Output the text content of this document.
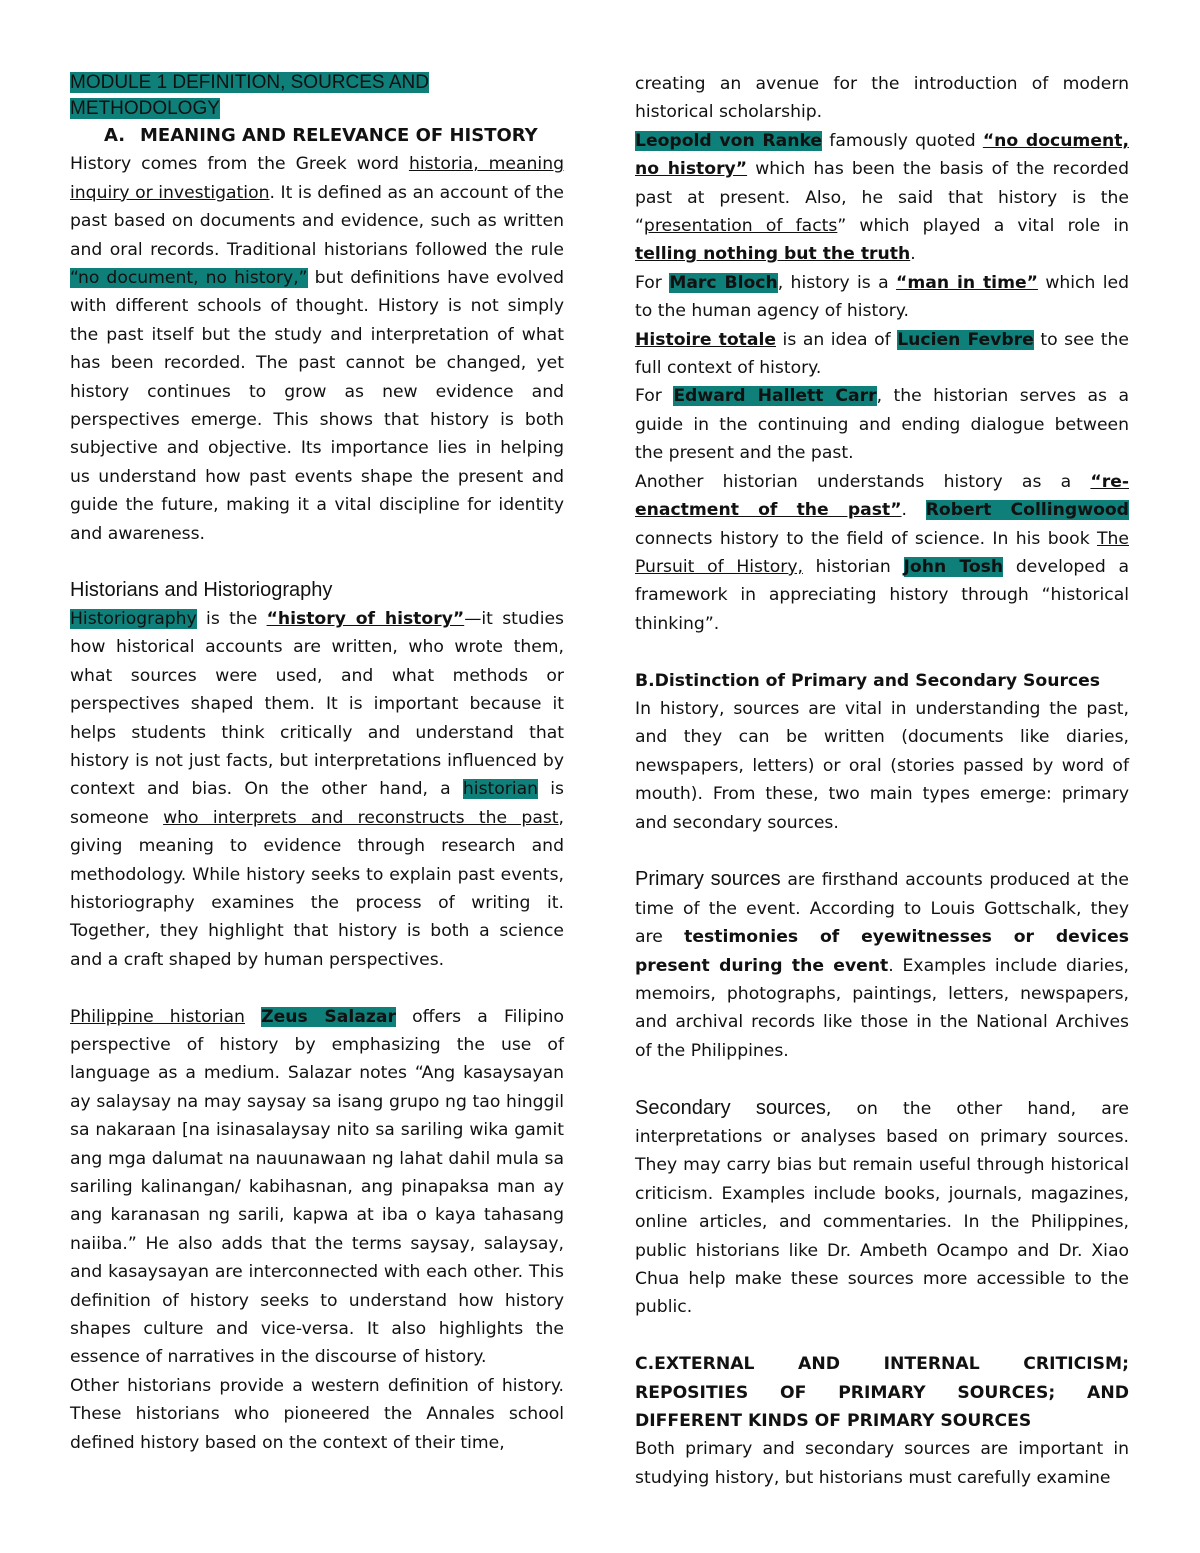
MODULE 1 DEFINITION, SOURCES AND METHODOLOGY
A. MEANING AND RELEVANCE OF HISTORY

History comes from the Greek word historia, meaning inquiry or investigation. It is defined as an account of the past based on documents and evidence, such as written and oral records. Traditional historians followed the rule “no document, no history,” but definitions have evolved with different schools of thought. History is not simply the past itself but the study and interpretation of what has been recorded. The past cannot be changed, yet history continues to grow as new evidence and perspectives emerge. This shows that history is both subjective and objective. Its importance lies in helping us understand how past events shape the present and guide the future, making it a vital discipline for identity and awareness.

Historians and Historiography

Historiography is the “history of history”—it studies how historical accounts are written, who wrote them, what sources were used, and what methods or perspectives shaped them. It is important because it helps students think critically and understand that history is not just facts, but interpretations influenced by context and bias. On the other hand, a historian is someone who interprets and reconstructs the past, giving meaning to evidence through research and methodology. While history seeks to explain past events, historiography examines the process of writing it. Together, they highlight that history is both a science and a craft shaped by human perspectives.

Philippine historian Zeus Salazar offers a Filipino perspective of history by emphasizing the use of language as a medium. Salazar notes “Ang kasaysayan ay salaysay na may saysay sa isang grupo ng tao hinggil sa nakaraan [na isinasalaysay nito sa sariling wika gamit ang mga dalumat na nauunawaan ng lahat dahil mula sa sariling kalinangan/ kabihasnan, ang pinapaksa man ay ang karanasan ng sarili, kapwa at iba o kaya tahasang naiiba.” He also adds that the terms saysay, salaysay, and kasaysayan are interconnected with each other. This definition of history seeks to understand how history shapes culture and vice-versa. It also highlights the essence of narratives in the discourse of history.

Other historians provide a western definition of history. These historians who pioneered the Annales school defined history based on the context of their time,

creating an avenue for the introduction of modern historical scholarship.

Leopold von Ranke famously quoted “no document, no history” which has been the basis of the recorded past at present. Also, he said that history is the “presentation of facts” which played a vital role in telling nothing but the truth.

For Marc Bloch, history is a “man in time” which led to the human agency of history.

Histoire totale is an idea of Lucien Fevbre to see the full context of history.

For Edward Hallett Carr, the historian serves as a guide in the continuing and ending dialogue between the present and the past.

Another historian understands history as a “re-enactment of the past”. Robert Collingwood connects history to the field of science. In his book The Pursuit of History, historian John Tosh developed a framework in appreciating history through “historical thinking”.

B.Distinction of Primary and Secondary Sources

In history, sources are vital in understanding the past, and they can be written (documents like diaries, newspapers, letters) or oral (stories passed by word of mouth). From these, two main types emerge: primary and secondary sources.

Primary sources are firsthand accounts produced at the time of the event. According to Louis Gottschalk, they are testimonies of eyewitnesses or devices present during the event. Examples include diaries, memoirs, photographs, paintings, letters, newspapers, and archival records like those in the National Archives of the Philippines.

Secondary sources, on the other hand, are interpretations or analyses based on primary sources. They may carry bias but remain useful through historical criticism. Examples include books, journals, magazines, online articles, and commentaries. In the Philippines, public historians like Dr. Ambeth Ocampo and Dr. Xiao Chua help make these sources more accessible to the public.

C.EXTERNAL AND INTERNAL CRITICISM; REPOSITIES OF PRIMARY SOURCES; AND DIFFERENT KINDS OF PRIMARY SOURCES

Both primary and secondary sources are important in studying history, but historians must carefully examine
